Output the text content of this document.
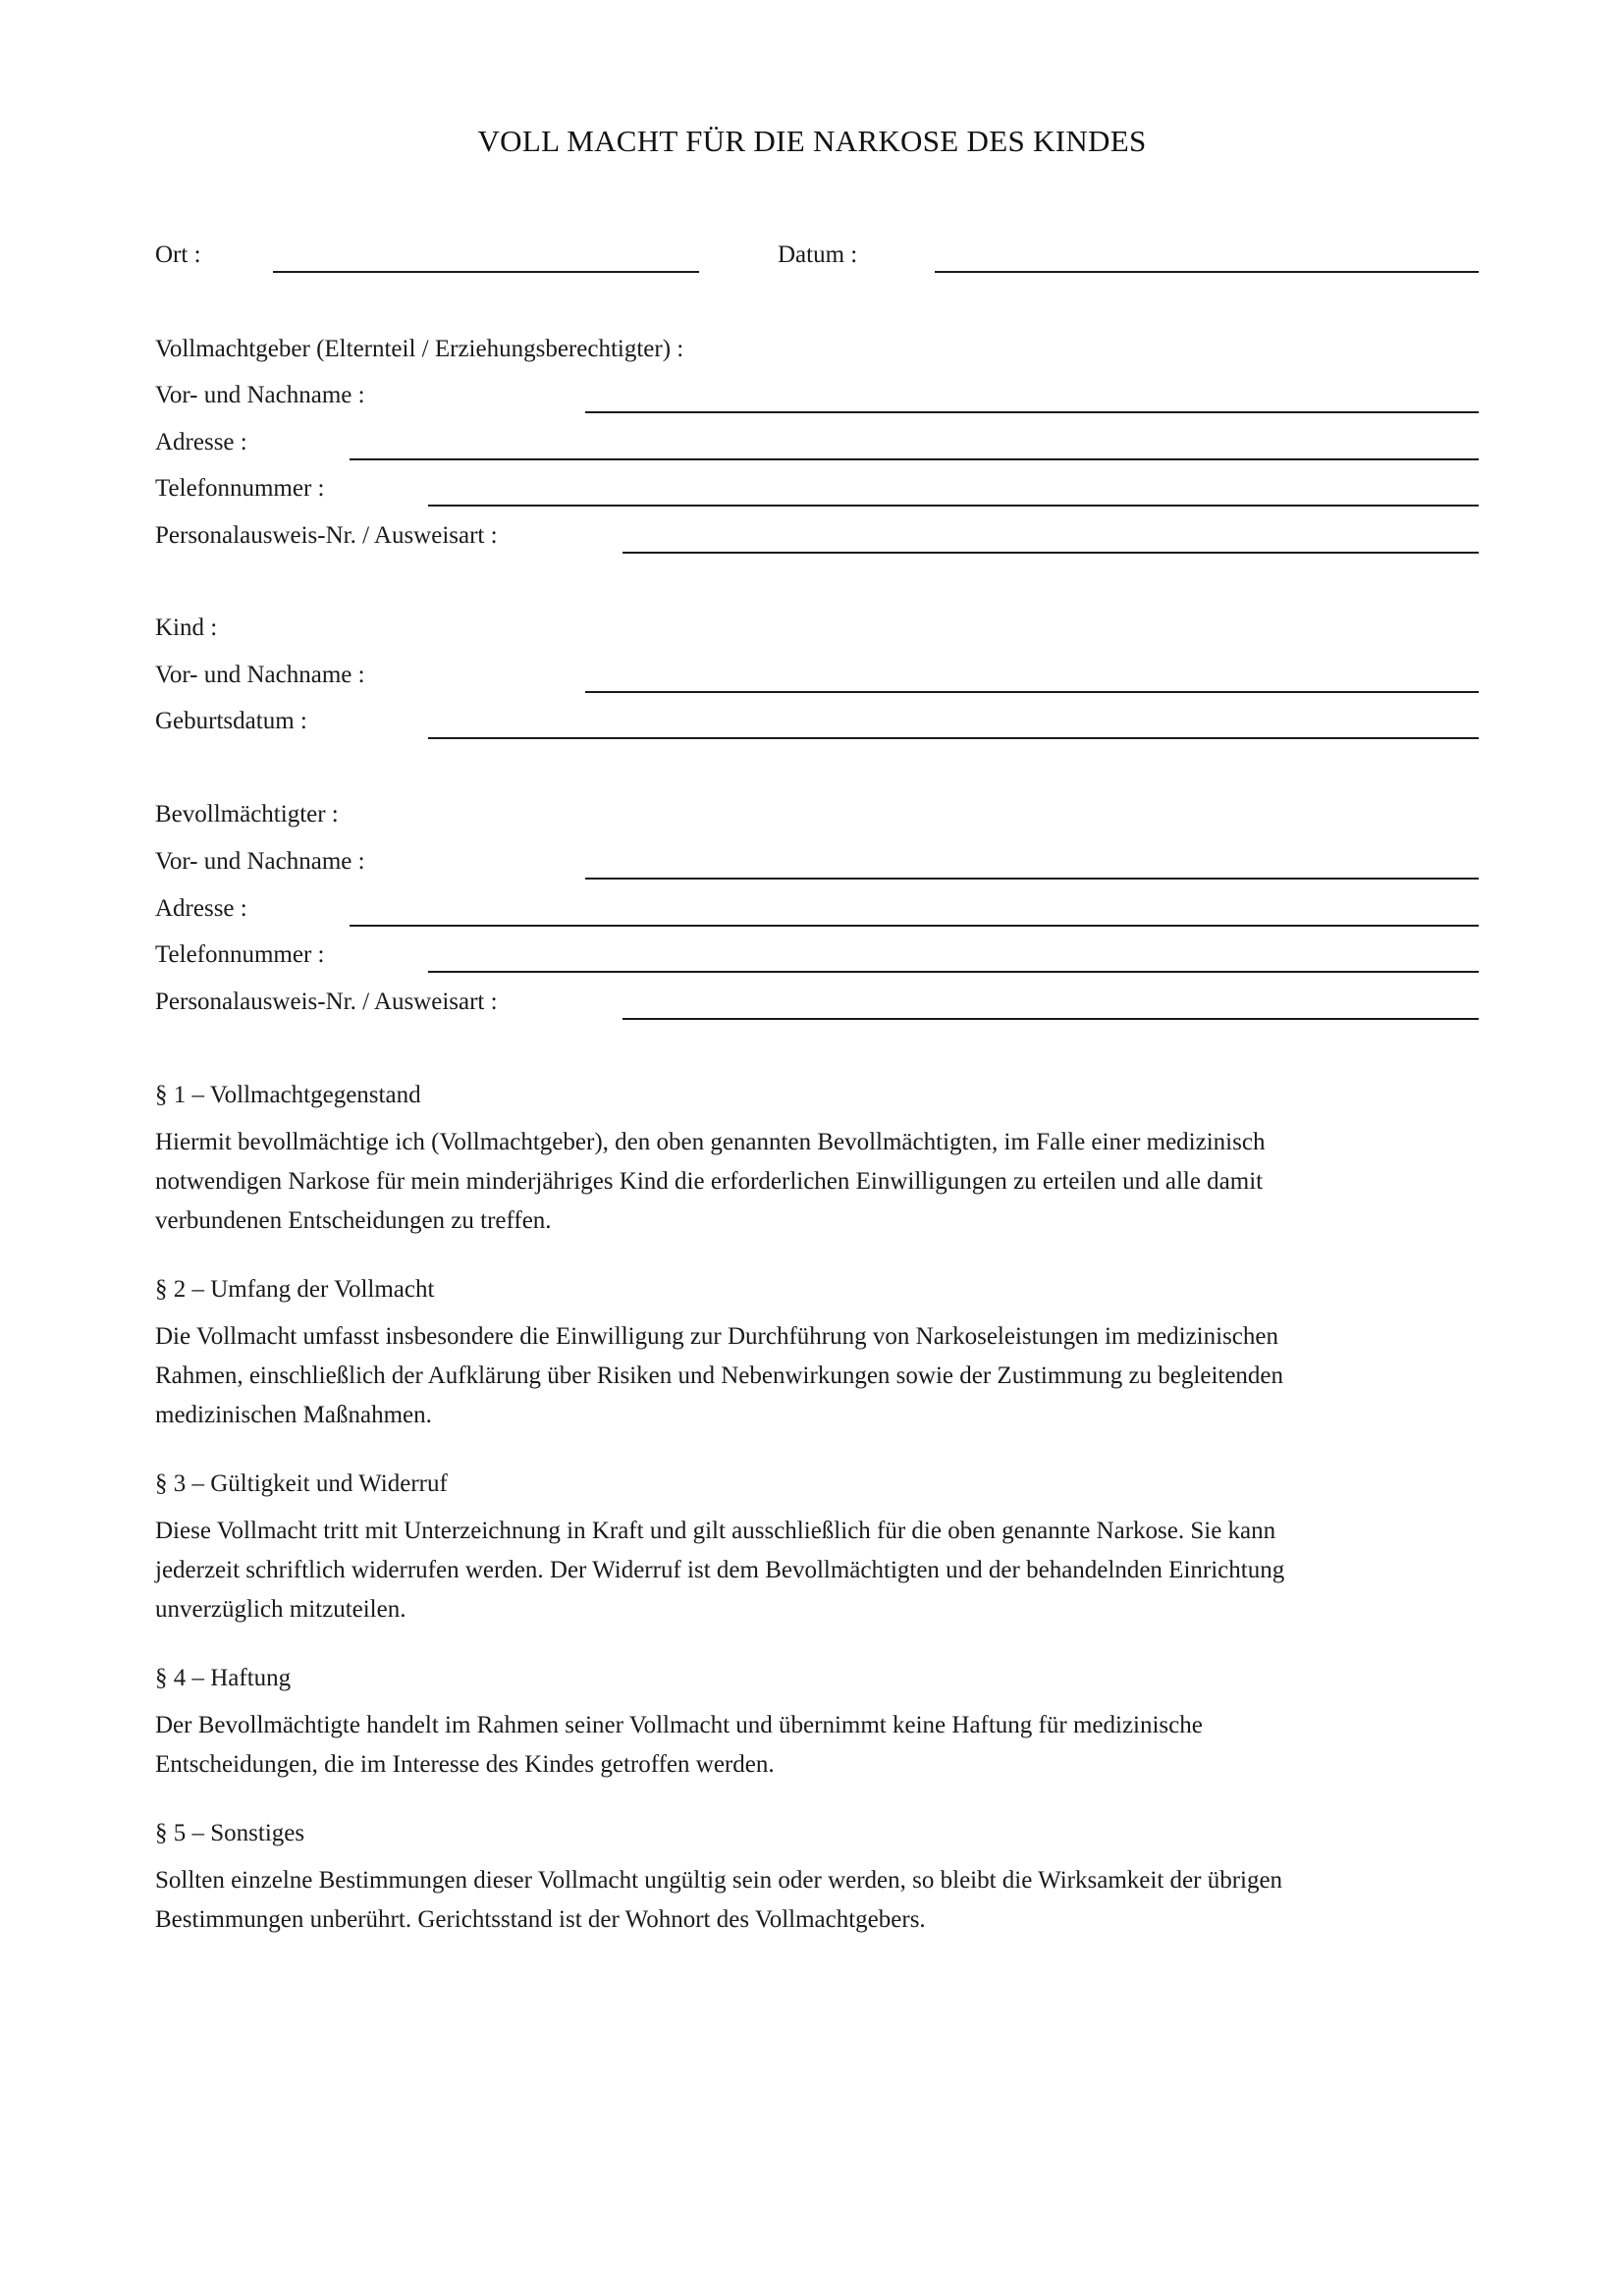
VOLL MACHT FÜR DIE NARKOSE DES KINDES
Ort :	Datum :
Vollmachtgeber (Elternteil / Erziehungsberechtigter) :
Vor- und Nachname :
Adresse :
Telefonnummer :
Personalausweis-Nr. / Ausweisart :
Kind :
Vor- und Nachname :
Geburtsdatum :
Bevollmächtigter :
Vor- und Nachname :
Adresse :
Telefonnummer :
Personalausweis-Nr. / Ausweisart :
§ 1 – Vollmachtgegenstand
Hiermit bevollmächtige ich (Vollmachtgeber), den oben genannten Bevollmächtigten, im Falle einer medizinisch
notwendigen Narkose für mein minderjähriges Kind die erforderlichen Einwilligungen zu erteilen und alle damit
verbundenen Entscheidungen zu treffen.
§ 2 – Umfang der Vollmacht
Die Vollmacht umfasst insbesondere die Einwilligung zur Durchführung von Narkoseleistungen im medizinischen
Rahmen, einschließlich der Aufklärung über Risiken und Nebenwirkungen sowie der Zustimmung zu begleitenden
medizinischen Maßnahmen.
§ 3 – Gültigkeit und Widerruf
Diese Vollmacht tritt mit Unterzeichnung in Kraft und gilt ausschließlich für die oben genannte Narkose. Sie kann
jederzeit schriftlich widerrufen werden. Der Widerruf ist dem Bevollmächtigten und der behandelnden Einrichtung
unverzüglich mitzuteilen.
§ 4 – Haftung
Der Bevollmächtigte handelt im Rahmen seiner Vollmacht und übernimmt keine Haftung für medizinische
Entscheidungen, die im Interesse des Kindes getroffen werden.
§ 5 – Sonstiges
Sollten einzelne Bestimmungen dieser Vollmacht ungültig sein oder werden, so bleibt die Wirksamkeit der übrigen
Bestimmungen unberührt. Gerichtsstand ist der Wohnort des Vollmachtgebers.
